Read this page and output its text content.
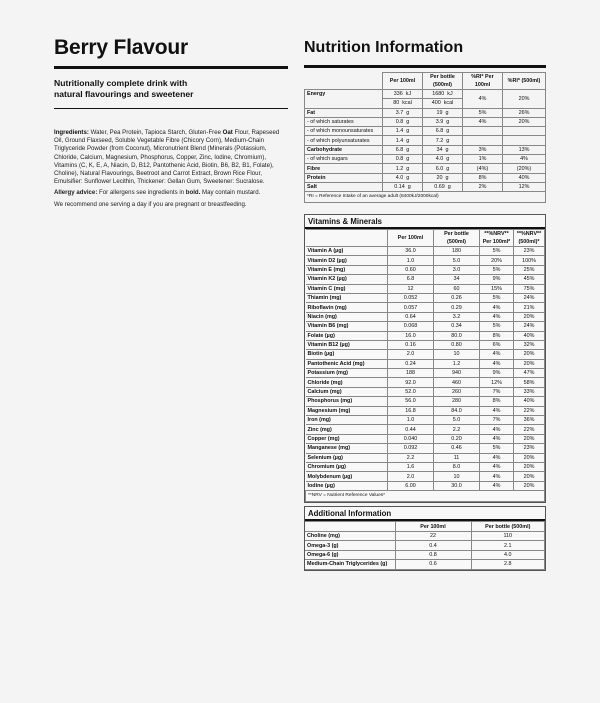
Berry Flavour
Nutritionally complete drink with
natural flavourings and sweetener

Ingredients: Water, Pea Protein, Tapioca Starch, Gluten-Free Oat Flour, Rapeseed Oil, Ground Flaxseed, Soluble Vegetable Fibre (Chicory Corn), Medium-Chain Triglyceride Powder (from Coconut), Micronutrient Blend (Minerals (Potassium, Chloride, Calcium, Magnesium, Phosphorus, Copper, Zinc, Iodine, Chromium), Vitamins (C, K, E, A, Niacin, D, B12, Pantothenic Acid, Biotin, B6, B2, B1, Folate), Choline), Natural Flavourings, Beetroot and Carrot Extract, Brown Rice Flour, Emulsifier: Sunflower Lecithin, Thickener: Gellan Gum, Sweetener: Sucralose.

Allergy advice: For allergens see ingredients in bold. May contain mustard.

We recommend one serving a day if you are pregnant or breastfeeding.

Nutrition Information
	Per 100ml	Per bottle (500ml)	%RI* Per 100ml	%RI* (500ml)
Energy	336 kJ	1680 kJ	4%	20%
	80 kcal	400 kcal		
Fat	3.7 g	19 g	5%	26%
- of which saturates	0.8 g	3.9 g	4%	20%
- of which monounsaturates	1.4 g	6.8 g		
- of which polyunsaturates	1.4 g	7.2 g		
Carbohydrate	6.8 g	34 g	3%	13%
- of which sugars	0.8 g	4.0 g	1%	4%
Fibre	1.2 g	6.0 g	(4%)	(20%)
Protein	4.0 g	20 g	8%	40%
Salt	0.14 g	0.69 g	2%	12%
*RI = Reference Intake of an average adult (8400kJ/2000kcal)				
Vitamins & Minerals
	Per 100ml	Per bottle (500ml)	**%NRV** Per 100ml*	**%NRV** (500ml)*
Vitamin A (µg)	36.0	180	5%	23%
Vitamin D2 (µg)	1.0	5.0	20%	100%
Vitamin E (mg)	0.60	3.0	5%	25%
Vitamin K2 (µg)	6.8	34	9%	45%
Vitamin C (mg)	12	60	15%	75%
Thiamin (mg)	0.052	0.26	5%	24%
Riboflavin (mg)	0.057	0.29	4%	21%
Niacin (mg)	0.64	3.2	4%	20%
Vitamin B6 (mg)	0.068	0.34	5%	24%
Folate (µg)	16.0	80.0	8%	40%
Vitamin B12 (µg)	0.16	0.80	6%	32%
Biotin (µg)	2.0	10	4%	20%
Pantothenic Acid (mg)	0.24	1.2	4%	20%
Potassium (mg)	188	940	9%	47%
Chloride (mg)	92.0	460	12%	58%
Calcium (mg)	52.0	260	7%	33%
Phosphorus (mg)	56.0	280	8%	40%
Magnesium (mg)	16.8	84.0	4%	22%
Iron (mg)	1.0	5.0	7%	36%
Zinc (mg)	0.44	2.2	4%	22%
Copper (mg)	0.040	0.20	4%	20%
Manganese (mg)	0.092	0.46	5%	23%
Selenium (µg)	2.2	11	4%	20%
Chromium (µg)	1.6	8.0	4%	20%
Molybdenum (µg)	2.0	10	4%	20%
Iodine (µg)	6.00	30.0	4%	20%
**NRV = Nutrient Reference Values*				
Additional Information
	Per 100ml	Per bottle (500ml)
Choline (mg)	22	110
Omega-3 (g)	0.4	2.1
Omega-6 (g)	0.8	4.0
Medium-Chain Triglycerides (g)	0.6	2.8
